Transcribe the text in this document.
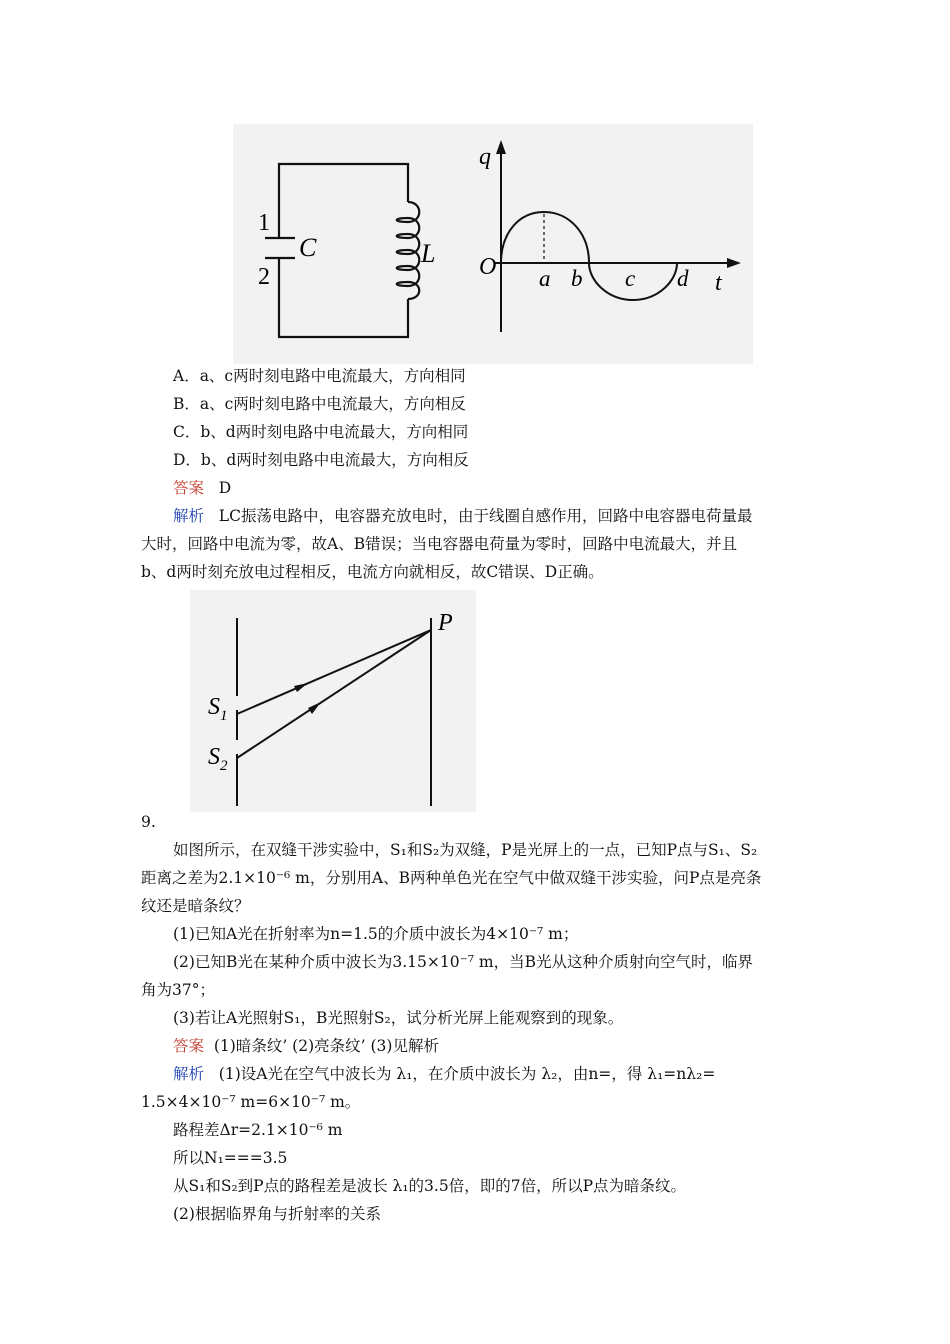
1
2
C	L
q
t
O a b c d
A．a、c两时刻电路中电流最大，方向相同
B．a、c两时刻电路中电流最大，方向相反
C．b、d两时刻电路中电流最大，方向相同
D．b、d两时刻电路中电流最大，方向相反
答案 D
解析 LC振荡电路中，电容器充放电时，由于线圈自感作用，回路中电容器电荷量最
大时，回路中电流为零，故A、B错误；当电容器电荷量为零时，回路中电流最大，并且
b、d两时刻充放电过程相反，电流方向就相反，故C错误、D正确。
P
$S_1$
$S_2$
9.
如图所示，在双缝干涉实验中，S₁和S₂为双缝，P是光屏上的一点，已知P点与S₁、S₂
距离之差为2.1×10⁻⁶ m，分别用A、B两种单色光在空气中做双缝干涉实验，问P点是亮条
纹还是暗条纹？
(1)已知A光在折射率为n=1.5的介质中波长为4×10⁻⁷ m；
(2)已知B光在某种介质中波长为3.15×10⁻⁷ m，当B光从这种介质射向空气时，临界
角为37°；
(3)若让A光照射S₁，B光照射S₂，试分析光屏上能观察到的现象。
答案 (1)暗条纹’ (2)亮条纹’ (3)见解析
解析 (1)设A光在空气中波长为 λ₁，在介质中波长为 λ₂，由n=，得 λ₁=nλ₂=
1.5×4×10⁻⁷ m=6×10⁻⁷ m。
路程差Δr=2.1×10⁻⁶ m
所以N₁===3.5
从S₁和S₂到P点的路程差是波长 λ₁的3.5倍，即的7倍，所以P点为暗条纹。
(2)根据临界角与折射率的关系
